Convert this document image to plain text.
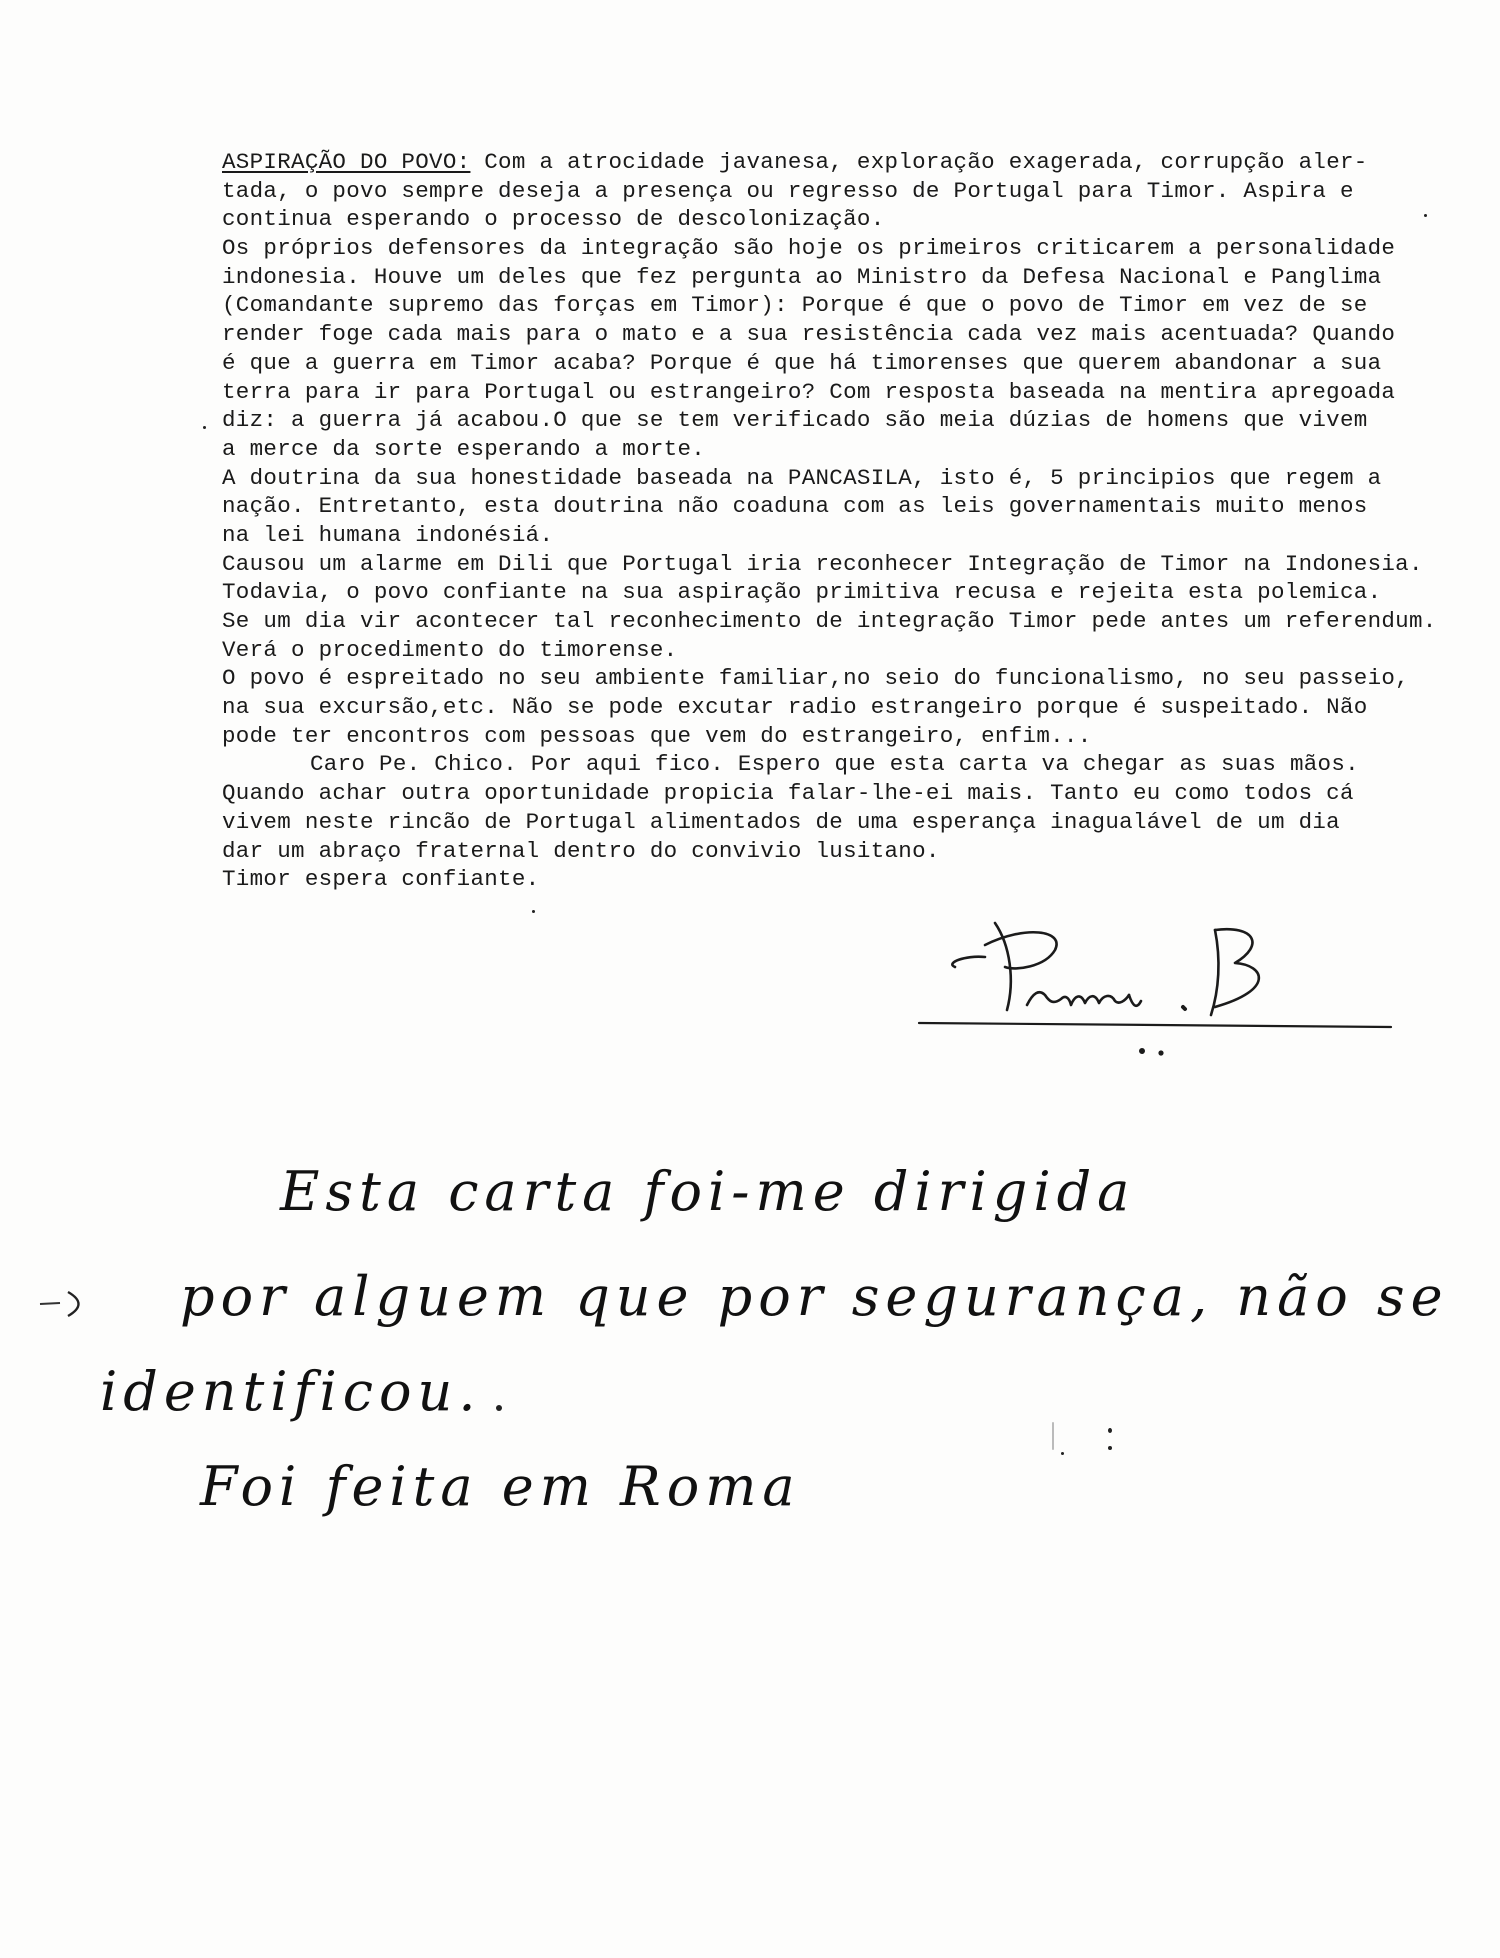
ASPIRAÇÃO DO POVO: Com a atrocidade javanesa, exploração exagerada, corrupção aler-
tada, o povo sempre deseja a presença ou regresso de Portugal para Timor. Aspira e
continua esperando o processo de descolonização.
Os próprios defensores da integração são hoje os primeiros criticarem a personalidade
indonesia. Houve um deles que fez pergunta ao Ministro da Defesa Nacional e Panglima
(Comandante supremo das forças em Timor): Porque é que o povo de Timor em vez de se
render foge cada mais para o mato e a sua resistência cada vez mais acentuada? Quando
é que a guerra em Timor acaba? Porque é que há timorenses que querem abandonar a sua
terra para ir para Portugal ou estrangeiro? Com resposta baseada na mentira apregoada
diz: a guerra já acabou.O que se tem verificado são meia dúzias de homens que vivem
a merce da sorte esperando a morte.
A doutrina da sua honestidade baseada na PANCASILA, isto é, 5 principios que regem a
nação. Entretanto, esta doutrina não coaduna com as leis governamentais muito menos
na lei humana indonésiá.
Causou um alarme em Dili que Portugal iria reconhecer Integração de Timor na Indonesia.
Todavia, o povo confiante na sua aspiração primitiva recusa e rejeita esta polemica.
Se um dia vir acontecer tal reconhecimento de integração Timor pede antes um referendum.
Verá o procedimento do timorense.
O povo é espreitado no seu ambiente familiar,no seio do funcionalismo, no seu passeio,
na sua excursão,etc. Não se pode excutar radio estrangeiro porque é suspeitado. Não
pode ter encontros com pessoas que vem do estrangeiro, enfim...
Caro Pe. Chico. Por aqui fico. Espero que esta carta va chegar as suas mãos.
Quando achar outra oportunidade propicia falar-lhe-ei mais. Tanto eu como todos cá
vivem neste rincão de Portugal alimentados de uma esperança inagualável de um dia
dar um abraço fraternal dentro do convivio lusitano.
Timor espera confiante.
Esta carta foi-me dirigida
por alguem que por segurança, não se
identificou.
Foi feita em Roma
